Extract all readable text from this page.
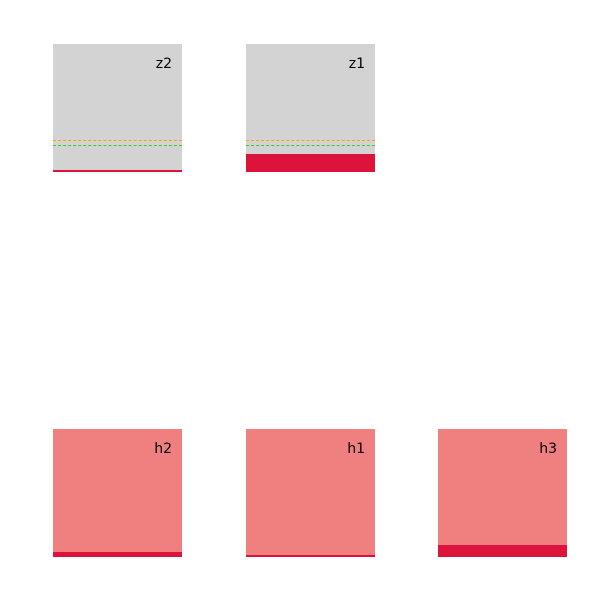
z2	z1
h2	h1	h3
